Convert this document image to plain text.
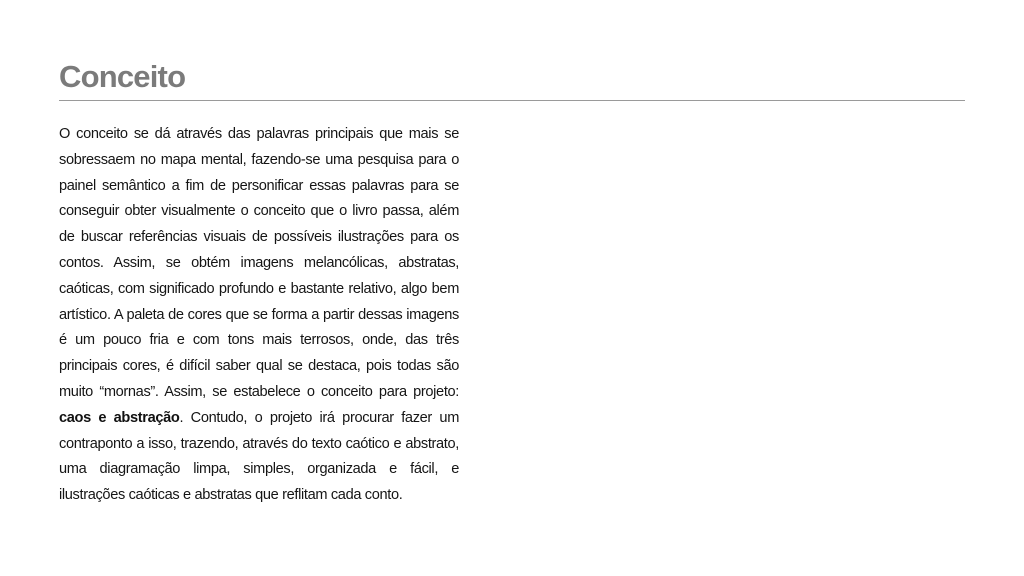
Conceito

O conceito se dá através das palavras principais que mais se sobressaem no mapa mental, fazendo-se uma pesquisa para o painel semântico a fim de personificar essas palavras para se conseguir obter visualmente o conceito que o livro passa, além de buscar referências visuais de possíveis ilustrações para os contos. Assim, se obtém imagens melancólicas, abstratas, caóticas, com significado profundo e bastante relativo, algo bem artístico. A paleta de cores que se forma a partir dessas imagens é um pouco fria e com tons mais terrosos, onde, das três principais cores, é difícil saber qual se destaca, pois todas são muito “mornas”. Assim, se estabelece o conceito para projeto: caos e abstração. Contudo, o projeto irá procurar fazer um contraponto a isso, trazendo, através do texto caótico e abstrato, uma diagramação limpa, simples, organizada e fácil, e ilustrações caóticas e abstratas que reflitam cada conto.
